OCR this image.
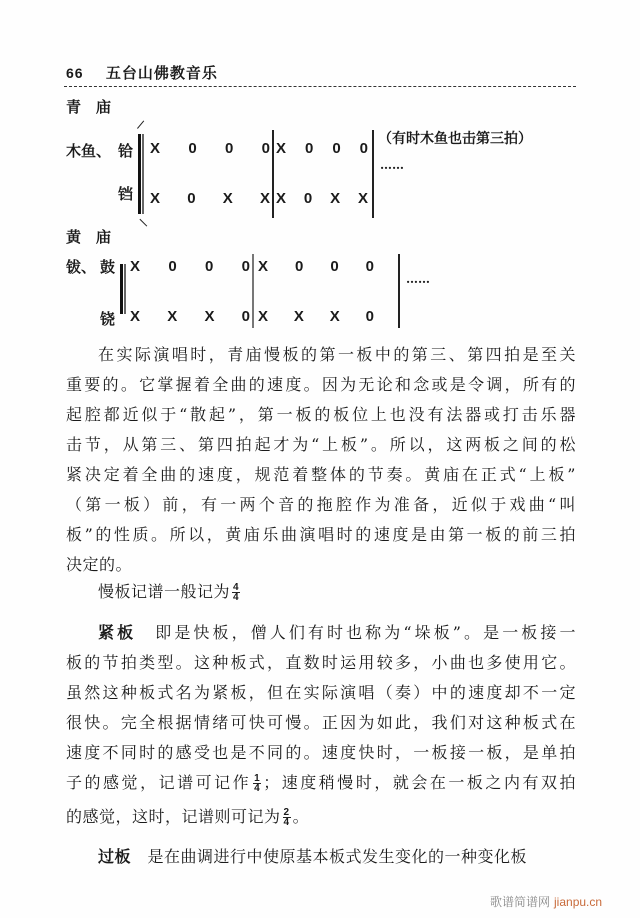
66 五台山佛教音乐
青　庙
木鱼、 铪
铛
X 0 0 0 X 0 0 0
X 0 X X X 0 X X
（有时木鱼也击第三拍）
……
黄　庙
钹、 鼓
铙
X 0 0 0 X 0 0 0
X X X 0 X X X 0
……
在实际演唱时，青庙慢板的第一板中的第三、第四拍是至关
重要的。它掌握着全曲的速度。因为无论和念或是令调，所有的
起腔都近似于“散起”，第一板的板位上也没有法器或打击乐器
击节，从第三、第四拍起才为“上板”。所以，这两板之间的松
紧决定着全曲的速度，规范着整体的节奏。黄庙在正式“上板”
（第一板）前，有一两个音的拖腔作为准备，近似于戏曲“叫
板”的性质。所以，黄庙乐曲演唱时的速度是由第一板的前三拍
决定的。
慢板记谱一般记为 $\frac{4}{4}$
紧板　 即是快板，僧人们有时也称为“垛板”。是一板接一
板的节拍类型。这种板式，直数时运用较多，小曲也多使用它。
虽然这种板式名为紧板，但在实际演唱（奏）中的速度却不一定
很快。完全根据情绪可快可慢。正因为如此，我们对这种板式在
速度不同时的感受也是不同的。速度快时，一板接一板，是单拍
子的感觉，记谱可记作 $\frac{1}{4}$ ；速度稍慢时，就会在一板之内有双拍
的感觉，这时，记谱则可记为 $\frac{2}{4}$ 。
过板　 是在曲调进行中使原基本板式发生变化的一种变化板
歌谱简谱网 jianpu.cn
